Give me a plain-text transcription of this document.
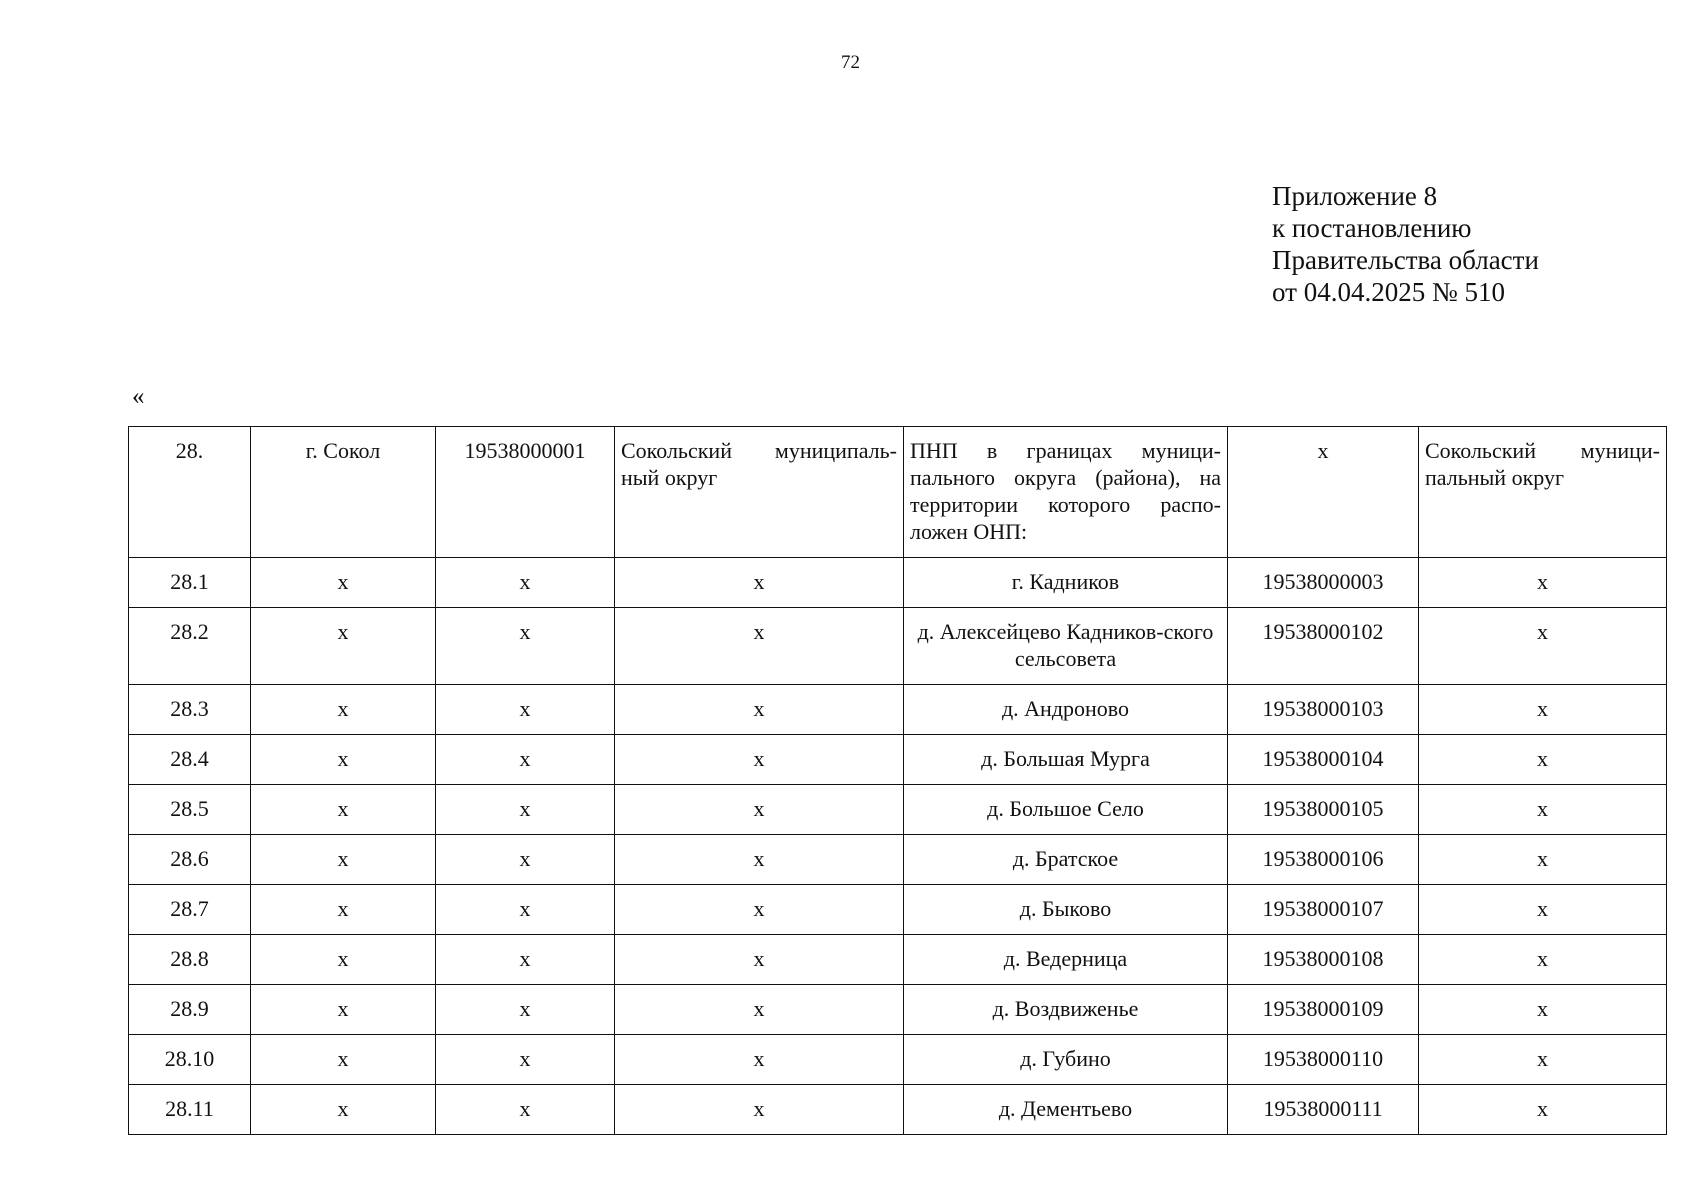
72
Приложение 8
к постановлению
Правительства области
от 04.04.2025 № 510
«
28.	г. Сокол	19538000001	Сокольский муниципаль-ный округ	ПНП в границах муници-пального округа (района), на территории которого распо-ложен ОНП:	х	Сокольский муници-пальный округ
28.1	х	х	х	г. Кадников	19538000003	х
28.2	х	х	х	д. Алексейцево Кадников-ского сельсовета	19538000102	х
28.3	х	х	х	д. Андроново	19538000103	х
28.4	х	х	х	д. Большая Мурга	19538000104	х
28.5	х	х	х	д. Большое Село	19538000105	х
28.6	х	х	х	д. Братское	19538000106	х
28.7	х	х	х	д. Быково	19538000107	х
28.8	х	х	х	д. Ведерница	19538000108	х
28.9	х	х	х	д. Воздвиженье	19538000109	х
28.10	х	х	х	д. Губино	19538000110	х
28.11	х	х	х	д. Дементьево	19538000111	х
